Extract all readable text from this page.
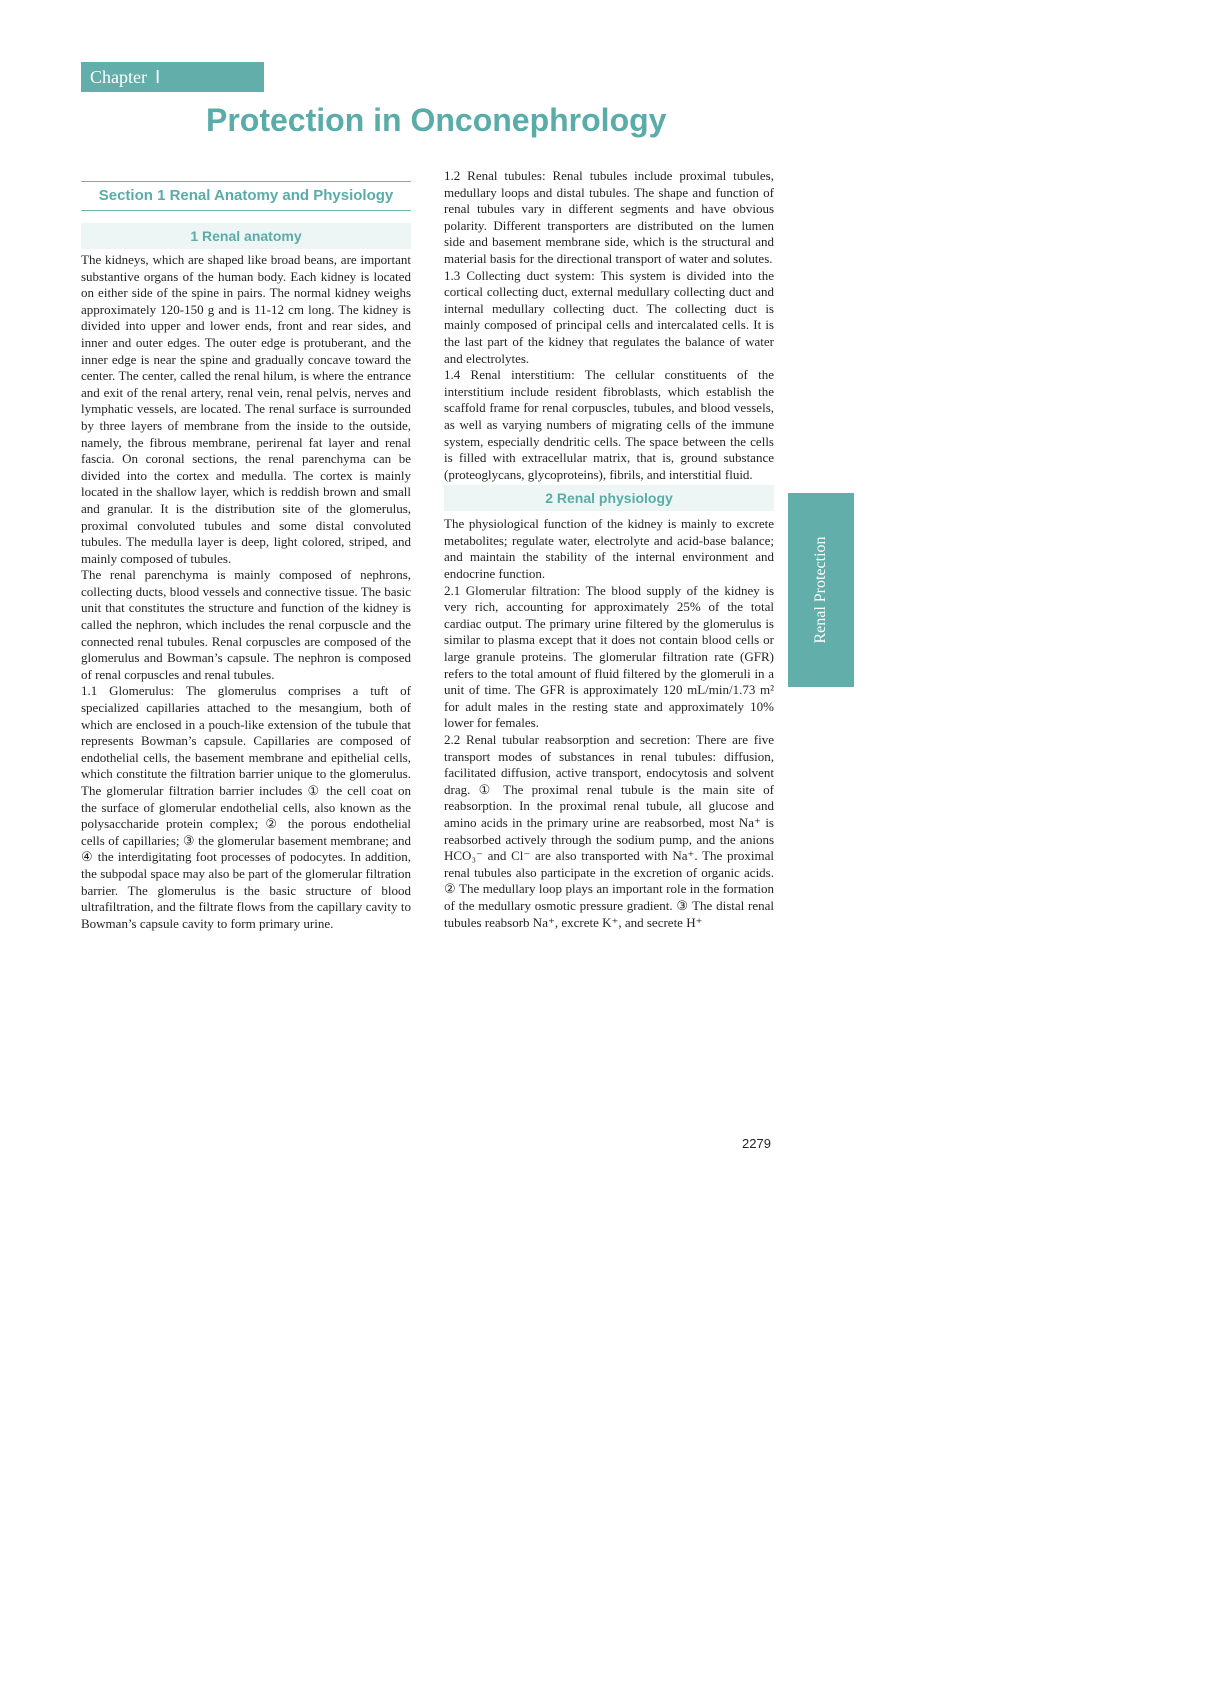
Chapter Ⅰ
Protection in Onconephrology
Section 1 Renal Anatomy and Physiology
1 Renal anatomy

The kidneys, which are shaped like broad beans, are important substantive organs of the human body. Each kidney is located on either side of the spine in pairs. The normal kidney weighs approximately 120-150 g and is 11-12 cm long. The kidney is divided into upper and lower ends, front and rear sides, and inner and outer edges. The outer edge is protuberant, and the inner edge is near the spine and gradually concave toward the center. The center, called the renal hilum, is where the entrance and exit of the renal artery, renal vein, renal pelvis, nerves and lymphatic vessels, are located. The renal surface is surrounded by three layers of membrane from the inside to the outside, namely, the fibrous membrane, perirenal fat layer and renal fascia. On coronal sections, the renal parenchyma can be divided into the cortex and medulla. The cortex is mainly located in the shallow layer, which is reddish brown and small and granular. It is the distribution site of the glomerulus, proximal convoluted tubules and some distal convoluted tubules. The medulla layer is deep, light colored, striped, and mainly composed of tubules.

The renal parenchyma is mainly composed of nephrons, collecting ducts, blood vessels and connective tissue. The basic unit that constitutes the structure and function of the kidney is called the nephron, which includes the renal corpuscle and the connected renal tubules. Renal corpuscles are composed of the glomerulus and Bowman’s capsule. The nephron is composed of renal corpuscles and renal tubules.

1.1 Glomerulus: The glomerulus comprises a tuft of specialized capillaries attached to the mesangium, both of which are enclosed in a pouch-like extension of the tubule that represents Bowman’s capsule. Capillaries are composed of endothelial cells, the basement membrane and epithelial cells, which constitute the filtration barrier unique to the glomerulus. The glomerular filtration barrier includes ① the cell coat on the surface of glomerular endothelial cells, also known as the polysaccharide protein complex; ② the porous endothelial cells of capillaries; ③ the glomerular basement membrane; and ④ the interdigitating foot processes of podocytes. In addition, the subpodal space may also be part of the glomerular filtration barrier. The glomerulus is the basic structure of blood ultrafiltration, and the filtrate flows from the capillary cavity to Bowman’s capsule cavity to form primary urine.

1.2 Renal tubules: Renal tubules include proximal tubules, medullary loops and distal tubules. The shape and function of renal tubules vary in different segments and have obvious polarity. Different transporters are distributed on the lumen side and basement membrane side, which is the structural and material basis for the directional transport of water and solutes.

1.3 Collecting duct system: This system is divided into the cortical collecting duct, external medullary collecting duct and internal medullary collecting duct. The collecting duct is mainly composed of principal cells and intercalated cells. It is the last part of the kidney that regulates the balance of water and electrolytes.

1.4 Renal interstitium: The cellular constituents of the interstitium include resident fibroblasts, which establish the scaffold frame for renal corpuscles, tubules, and blood vessels, as well as varying numbers of migrating cells of the immune system, especially dendritic cells. The space between the cells is filled with extracellular matrix, that is, ground substance (proteoglycans, glycoproteins), fibrils, and interstitial fluid.

2 Renal physiology

The physiological function of the kidney is mainly to excrete metabolites; regulate water, electrolyte and acid-base balance; and maintain the stability of the internal environment and endocrine function.

2.1 Glomerular filtration: The blood supply of the kidney is very rich, accounting for approximately 25% of the total cardiac output. The primary urine filtered by the glomerulus is similar to plasma except that it does not contain blood cells or large granule proteins. The glomerular filtration rate (GFR) refers to the total amount of fluid filtered by the glomeruli in a unit of time. The GFR is approximately 120 mL/min/1.73 m² for adult males in the resting state and approximately 10% lower for females.

2.2 Renal tubular reabsorption and secretion: There are five transport modes of substances in renal tubules: diffusion, facilitated diffusion, active transport, endocytosis and solvent drag. ① The proximal renal tubule is the main site of reabsorption. In the proximal renal tubule, all glucose and amino acids in the primary urine are reabsorbed, most Na⁺ is reabsorbed actively through the sodium pump, and the anions HCO₃⁻ and Cl⁻ are also transported with Na⁺. The proximal renal tubules also participate in the excretion of organic acids. ② The medullary loop plays an important role in the formation of the medullary osmotic pressure gradient. ③ The distal renal tubules reabsorb Na⁺, excrete K⁺, and secrete H⁺

Renal Protection
2279
